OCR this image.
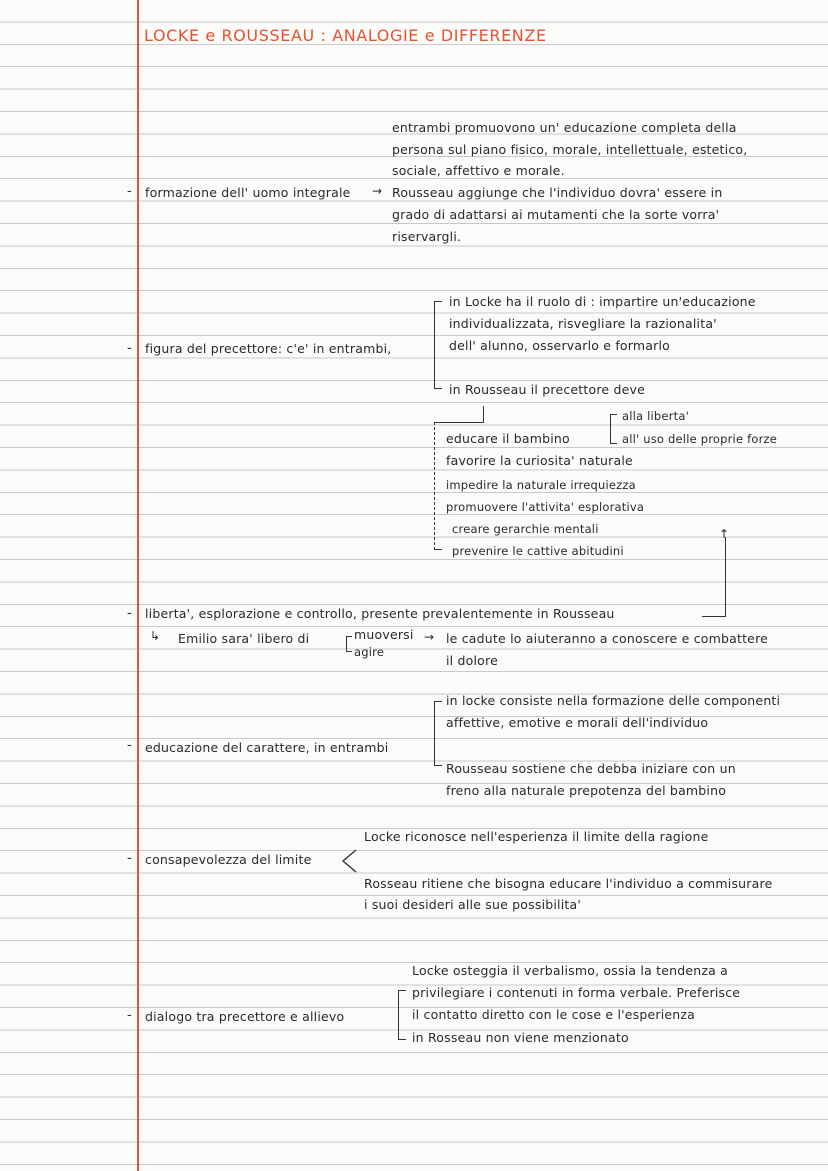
LOCKE e ROUSSEAU : ANALOGIE e DIFFERENZE
- formazione dell' uomo integrale →
entrambi promuovono un' educazione completa della
persona sul piano fisico, morale, intellettuale, estetico,
sociale, affettivo e morale.
Rousseau aggiunge che l'individuo dovra' essere in
grado di adattarsi ai mutamenti che la sorte vorra'
riservargli.
- figura del precettore: c'e' in entrambi,
in Locke ha il ruolo di : impartire un'educazione
individualizzata, risvegliare la razionalita'
dell' alunno, osservarlo e formarlo
in Rousseau il precettore deve
educare il bambino
alla liberta'
all' uso delle proprie forze
favorire la curiosita' naturale
impedire la naturale irrequiezza
promuovere l'attivita' esplorativa
creare gerarchie mentali
prevenire le cattive abitudini
- liberta', esplorazione e controllo, presente prevalentemente in Rousseau
↑
↳ Emilio sara' libero di	muoversi
agire
→ le cadute lo aiuteranno a conoscere e combattere
il dolore
- educazione del carattere, in entrambi
in locke consiste nella formazione delle componenti
affettive, emotive e morali dell'individuo
Rousseau sostiene che debba iniziare con un
freno alla naturale prepotenza del bambino
- consapevolezza del limite
Locke riconosce nell'esperienza il limite della ragione
Rosseau ritiene che bisogna educare l'individuo a commisurare
i suoi desideri alle sue possibilita'
- dialogo tra precettore e allievo
Locke osteggia il verbalismo, ossia la tendenza a
privilegiare i contenuti in forma verbale. Preferisce
il contatto diretto con le cose e l'esperienza
in Rosseau non viene menzionato
